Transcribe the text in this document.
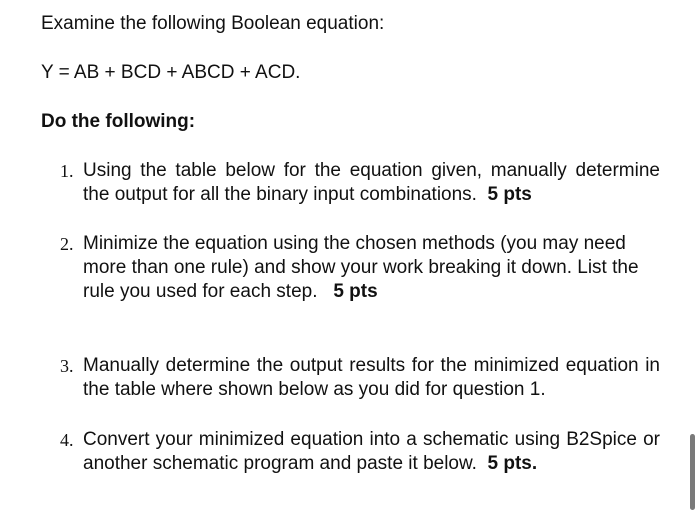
Examine the following Boolean equation:
Y = AB + BCD + ABCD + ACD.
Do the following:
1. Using the table below for the equation given, manually determine the output for all the binary input combinations. 5 pts
2. Minimize the equation using the chosen methods (you may need more than one rule) and show your work breaking it down. List the rule you used for each step. 5 pts
3. Manually determine the output results for the minimized equation in the table where shown below as you did for question 1.
4. Convert your minimized equation into a schematic using B2Spice or another schematic program and paste it below. 5 pts.
